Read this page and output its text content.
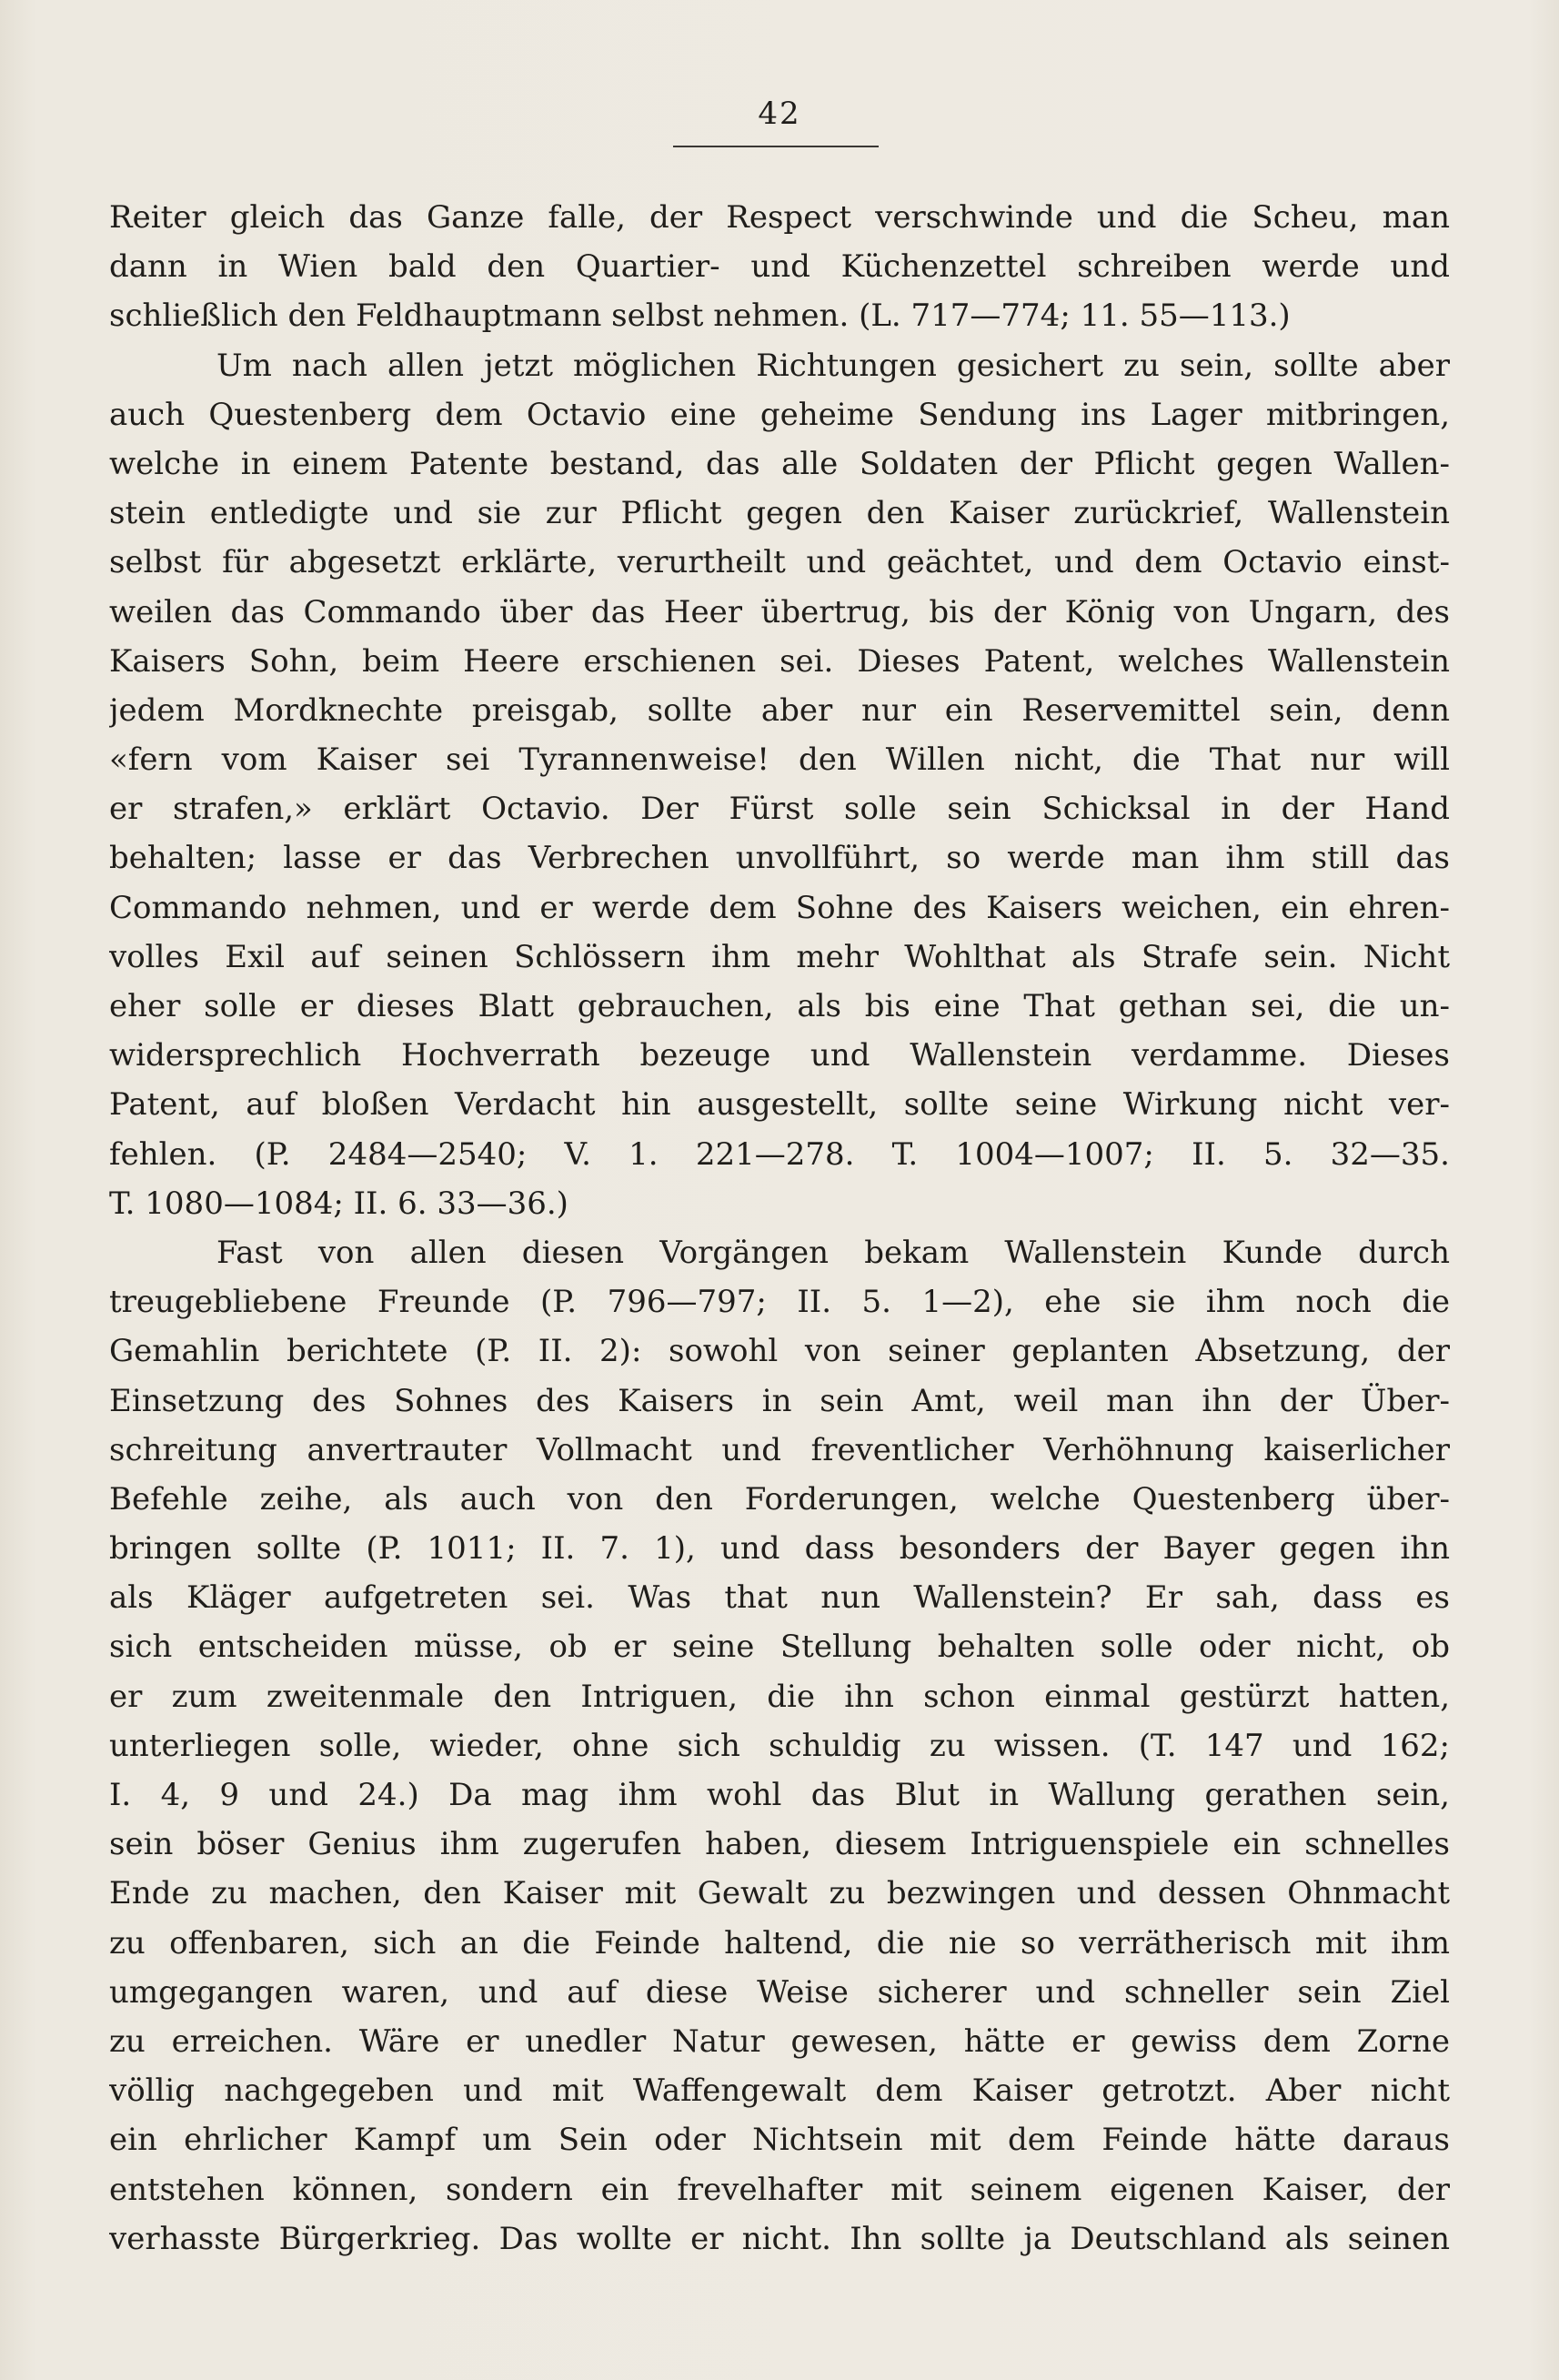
42
Reiter gleich das Ganze falle, der Respect verschwinde und die Scheu, man
dann in Wien bald den Quartier- und Küchenzettel schreiben werde und
schließlich den Feldhauptmann selbst nehmen. (L. 717—774; 11. 55—113.)
Um nach allen jetzt möglichen Richtungen gesichert zu sein, sollte aber
auch Questenberg dem Octavio eine geheime Sendung ins Lager mitbringen,
welche in einem Patente bestand, das alle Soldaten der Pflicht gegen Wallen-
stein entledigte und sie zur Pflicht gegen den Kaiser zurückrief, Wallenstein
selbst für abgesetzt erklärte, verurtheilt und geächtet, und dem Octavio einst-
weilen das Commando über das Heer übertrug, bis der König von Ungarn, des
Kaisers Sohn, beim Heere erschienen sei. Dieses Patent, welches Wallenstein
jedem Mordknechte preisgab, sollte aber nur ein Reservemittel sein, denn
«fern vom Kaiser sei Tyrannenweise! den Willen nicht, die That nur will
er strafen,» erklärt Octavio. Der Fürst solle sein Schicksal in der Hand
behalten; lasse er das Verbrechen unvollführt, so werde man ihm still das
Commando nehmen, und er werde dem Sohne des Kaisers weichen, ein ehren-
volles Exil auf seinen Schlössern ihm mehr Wohlthat als Strafe sein. Nicht
eher solle er dieses Blatt gebrauchen, als bis eine That gethan sei, die un-
widersprechlich Hochverrath bezeuge und Wallenstein verdamme. Dieses
Patent, auf bloßen Verdacht hin ausgestellt, sollte seine Wirkung nicht ver-
fehlen. (P. 2484—2540; V. 1. 221—278. T. 1004—1007; II. 5. 32—35.
T. 1080—1084; II. 6. 33—36.)
Fast von allen diesen Vorgängen bekam Wallenstein Kunde durch
treugebliebene Freunde (P. 796—797; II. 5. 1—2), ehe sie ihm noch die
Gemahlin berichtete (P. II. 2): sowohl von seiner geplanten Absetzung, der
Einsetzung des Sohnes des Kaisers in sein Amt, weil man ihn der Über-
schreitung anvertrauter Vollmacht und freventlicher Verhöhnung kaiserlicher
Befehle zeihe, als auch von den Forderungen, welche Questenberg über-
bringen sollte (P. 1011; II. 7. 1), und dass besonders der Bayer gegen ihn
als Kläger aufgetreten sei. Was that nun Wallenstein? Er sah, dass es
sich entscheiden müsse, ob er seine Stellung behalten solle oder nicht, ob
er zum zweitenmale den Intriguen, die ihn schon einmal gestürzt hatten,
unterliegen solle, wieder, ohne sich schuldig zu wissen. (T. 147 und 162;
I. 4, 9 und 24.) Da mag ihm wohl das Blut in Wallung gerathen sein,
sein böser Genius ihm zugerufen haben, diesem Intriguenspiele ein schnelles
Ende zu machen, den Kaiser mit Gewalt zu bezwingen und dessen Ohnmacht
zu offenbaren, sich an die Feinde haltend, die nie so verrätherisch mit ihm
umgegangen waren, und auf diese Weise sicherer und schneller sein Ziel
zu erreichen. Wäre er unedler Natur gewesen, hätte er gewiss dem Zorne
völlig nachgegeben und mit Waffengewalt dem Kaiser getrotzt. Aber nicht
ein ehrlicher Kampf um Sein oder Nichtsein mit dem Feinde hätte daraus
entstehen können, sondern ein frevelhafter mit seinem eigenen Kaiser, der
verhasste Bürgerkrieg. Das wollte er nicht. Ihn sollte ja Deutschland als seinen
